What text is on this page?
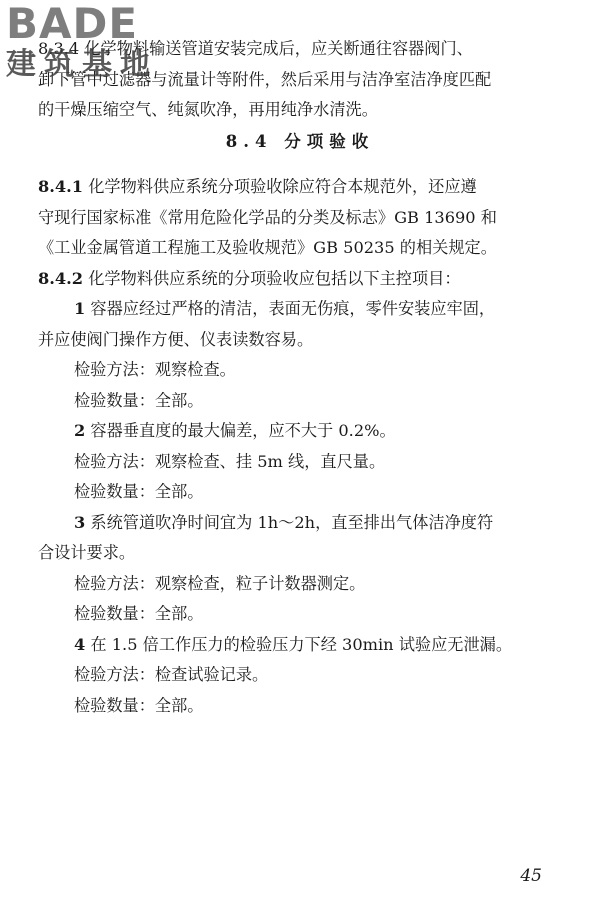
BADE
建筑基地
8.3.4 化学物料输送管道安装完成后，应关断通往容器阀门、
卸下管中过滤器与流量计等附件，然后采用与洁净室洁净度匹配
的干燥压缩空气、纯氮吹净，再用纯净水清洗。
8.4 分项验收
8.4.1 化学物料供应系统分项验收除应符合本规范外，还应遵
守现行国家标准《常用危险化学品的分类及标志》GB 13690 和
《工业金属管道工程施工及验收规范》GB 50235 的相关规定。
8.4.2 化学物料供应系统的分项验收应包括以下主控项目：
1 容器应经过严格的清洁，表面无伤痕，零件安装应牢固，
并应使阀门操作方便、仪表读数容易。
检验方法：观察检查。
检验数量：全部。
2 容器垂直度的最大偏差，应不大于 0.2%。
检验方法：观察检查、挂 5m 线，直尺量。
检验数量：全部。
3 系统管道吹净时间宜为 1h～2h，直至排出气体洁净度符
合设计要求。
检验方法：观察检查，粒子计数器测定。
检验数量：全部。
4 在 1.5 倍工作压力的检验压力下经 30min 试验应无泄漏。
检验方法：检查试验记录。
检验数量：全部。
45
